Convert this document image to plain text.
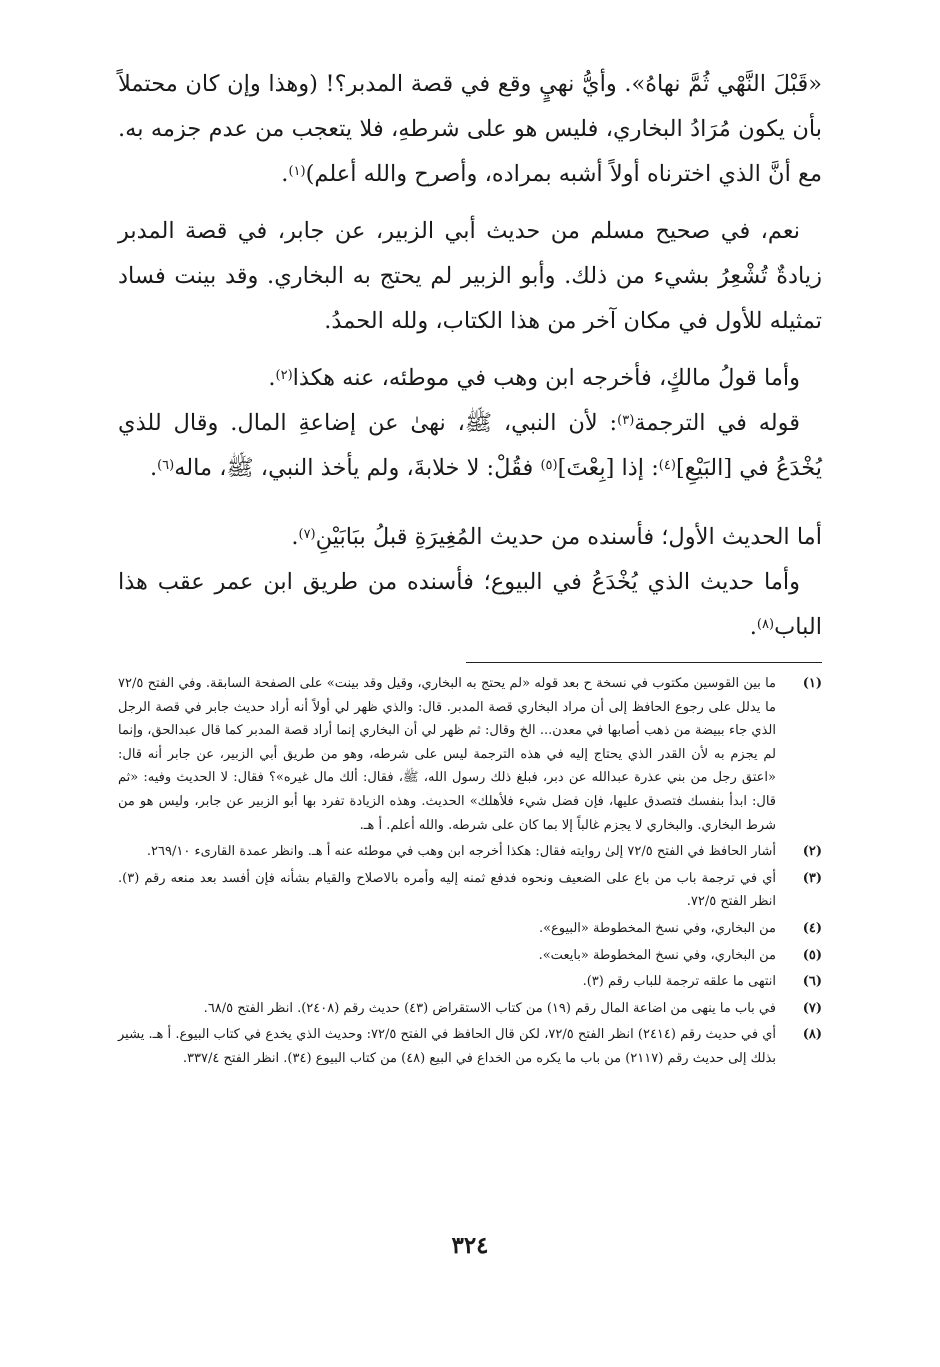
«قَبْلَ النَّهْي ثُمَّ نهاهُ». وأيُّ نهيٍ وقع في قصة المدبر؟! (وهذا وإن كان محتملاً بأن يكون مُرَادُ البخاري، فليس هو على شرطهِ، فلا يتعجب من عدم جزمه به. مع أنَّ الذي اخترناه أولاً أشبه بمراده، وأصرح والله أعلم)$^{(١)}$.

نعم، في صحيح مسلم من حديث أبي الزبير، عن جابر، في قصة المدبر زيادةٌ تُشْعِرُ بشيء من ذلك. وأبو الزبير لم يحتج به البخاري. وقد بينت فساد تمثيله للأول في مكان آخر من هذا الكتاب، ولله الحمدُ.

وأما قولُ مالكٍ، فأخرجه ابن وهب في موطئه، عنه هكذا$^{(٢)}$.

قوله في الترجمة$^{(٣)}$: لأن النبي، ﷺ، نهىٰ عن إضاعةِ المال. وقال للذي يُخْدَعُ في [البَيْعِ]$^{(٤)}$: إذا [بِعْتَ]$^{(٥)}$ فقُلْ: لا خلابةَ، ولم يأخذ النبي، ﷺ، ماله$^{(٦)}$.

أما الحديث الأول؛ فأسنده من حديث المُغِيرَةِ قبلُ ببَابَيْنِ$^{(٧)}$.

وأما حديث الذي يُخْدَعُ في البيوع؛ فأسنده من طريق ابن عمر عقب هذا الباب$^{(٨)}$.

(١)
ما بين القوسين مكتوب في نسخة ح بعد قوله «لم يحتج به البخاري، وقيل وقد بينت» على الصفحة السابقة. وفي الفتح ٧٢/٥ ما يدلل على رجوع الحافظ إلى أن مراد البخاري قصة المدبر. قال: والذي ظهر لي أولاً أنه أراد حديث جابر في قصة الرجل الذي جاء ببيضة من ذهب أصابها في معدن... الخ وقال: ثم ظهر لي أن البخاري إنما أراد قصة المدبر كما قال عبدالحق، وإنما لم يجزم به لأن القدر الذي يحتاج إليه في هذه الترجمة ليس على شرطه، وهو من طريق أبي الزبير، عن جابر أنه قال: «اعتق رجل من بني عذرة عبدالله عن دبر، فبلغ ذلك رسول الله، ﷺ، فقال: ألك مال غيره»؟ فقال: لا الحديث وفيه: «ثم قال: ابدأ بنفسك فتصدق عليها، فإن فضل شيء فلأهلك» الحديث. وهذه الزيادة تفرد بها أبو الزبير عن جابر، وليس هو من شرط البخاري. والبخاري لا يجزم غالباً إلا بما كان على شرطه. والله أعلم. أ هـ.
(٢)
أشار الحافظ في الفتح ٧٢/٥ إلىٰ روايته فقال: هكذا أخرجه ابن وهب في موطئه عنه أ هـ. وانظر عمدة القارىء ٢٦٩/١٠.
(٣)
أي في ترجمة باب من باع على الضعيف ونحوه فدفع ثمنه إليه وأمره بالاصلاح والقيام بشأنه فإن أفسد بعد منعه رقم (٣). انظر الفتح ٧٢/٥.
(٤)
من البخاري، وفي نسخ المخطوطة «البيوع».
(٥)
من البخاري، وفي نسخ المخطوطة «بايعت».
(٦)
انتهى ما علقه ترجمة للباب رقم (٣).
(٧)
في باب ما ينهى من اضاعة المال رقم (١٩) من كتاب الاستقراض (٤٣) حديث رقم (٢٤٠٨). انظر الفتح ٦٨/٥.
(٨)
أي في حديث رقم (٢٤١٤) انظر الفتح ٧٢/٥، لكن قال الحافظ في الفتح ٧٢/٥: وحديث الذي يخدع في كتاب البيوع. أ هـ. يشير بذلك إلى حديث رقم (٢١١٧) من باب ما يكره من الخداع في البيع (٤٨) من كتاب البيوع (٣٤). انظر الفتح ٣٣٧/٤.
٣٢٤
